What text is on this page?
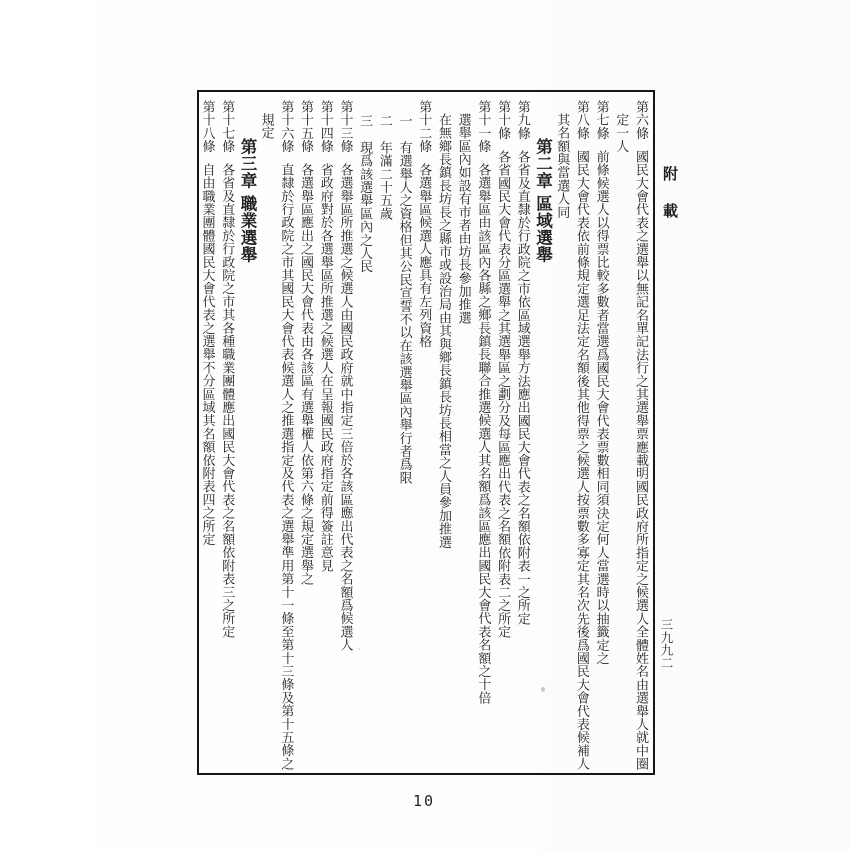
第六條國民大會代表之選舉以無記名單記法行之其選舉票應載明國民政府所指定之候選人全體姓名由選舉人就中圈
定一人
第七條前條候選人以得票比較多數者當選爲國民大會代表票數相同須決定何人當選時以抽籤定之
第八條國民大會代表依前條規定選足法定名額後其他得票之候選人按票數多寡定其名次先後爲國民大會代表候補人
其名額與當選人同
第二章區域選舉
第九條各省及直隸於行政院之市依區域選舉方法應出國民大會代表之名額依附表一之所定
第十條各省國民大會代表分區選舉之其選舉區之劃分及每區應出代表之名額依附表二之所定
第十一條各選舉區由該區內各縣之鄉長鎮長聯合推選候選人其名額爲該區應出國民大會代表名額之十倍
選舉區內如設有市者由坊長參加推選
在無鄉長鎮長坊長之縣市或設治局由其與鄉長鎮長坊長相當之人員參加推選
第十二條各選舉區候選人應具有左列資格
一有選舉人之資格但其公民宣誓不以在該選舉區內舉行者爲限
二年滿二十五歲
三現爲該選舉區內之人民
第十三條各選舉區所推選之候選人由國民政府就中指定三倍於各該區應出代表之名額爲候選人
第十四條省政府對於各選舉區所推選之候選人在呈報國民政府指定前得簽註意見
第十五條各選舉區應出之國民大會代表由各該區有選舉權人依第六條之規定選舉之
第十六條直隸於行政院之市其國民大會代表候選人之推選指定及代表之選舉準用第十一條至第十三條及第十五條之
規定
第三章職業選舉
第十七條各省及直隸於行政院之市其各種職業團體應出國民大會代表之名額依附表三之所定
第十八條自由職業團體國民大會代表之選舉不分區域其名額依附表四之所定	附載
三九九二
10
